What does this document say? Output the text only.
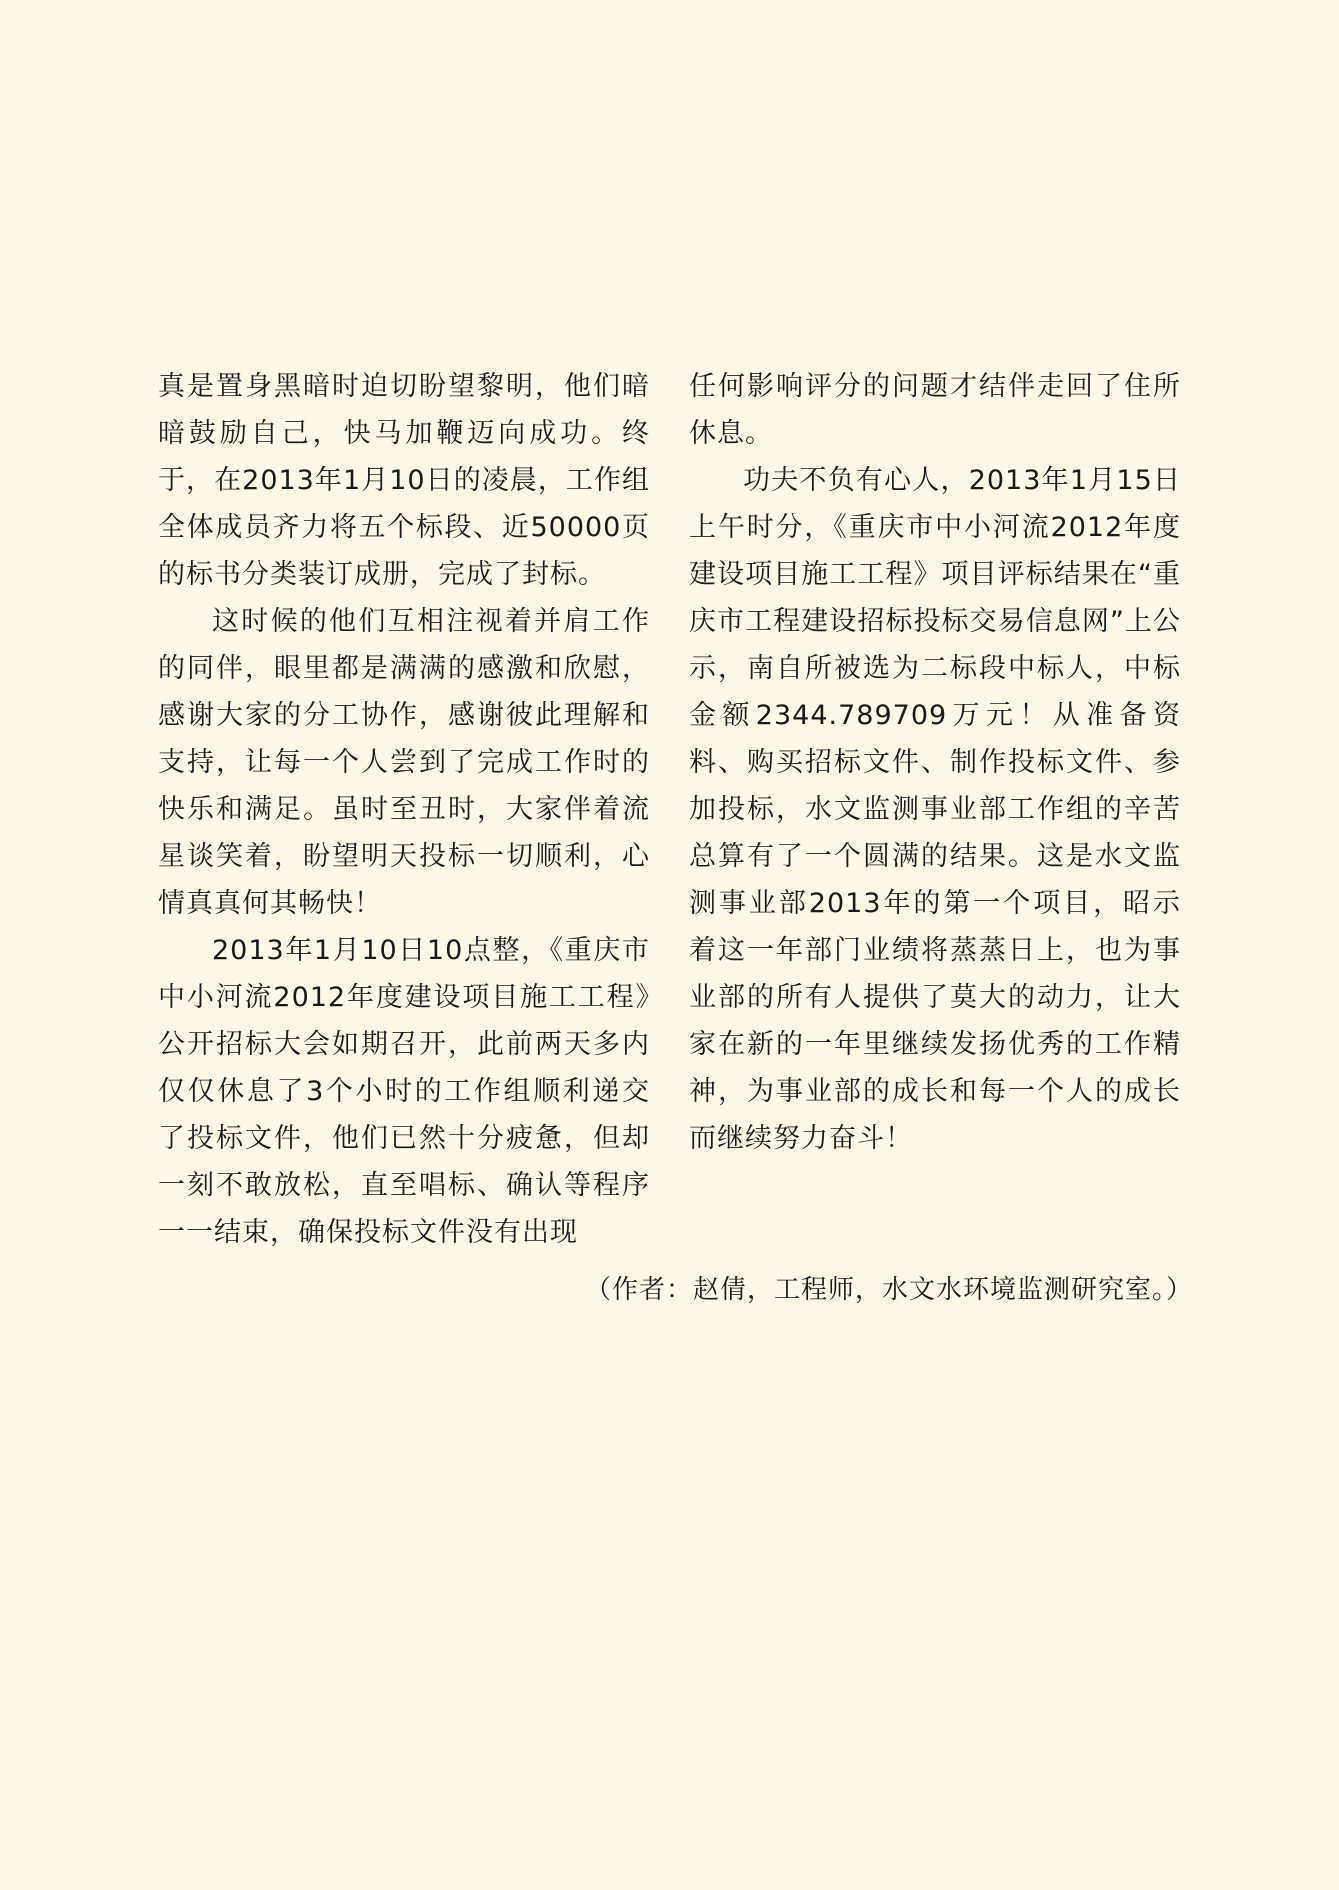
真是置身黑暗时迫切盼望黎明，他们暗暗鼓励自己，快马加鞭迈向成功。终于，在2013年1月10日的凌晨，工作组全体成员齐力将五个标段、近50000页的标书分类装订成册，完成了封标。

这时候的他们互相注视着并肩工作的同伴，眼里都是满满的感激和欣慰，感谢大家的分工协作，感谢彼此理解和支持，让每一个人尝到了完成工作时的快乐和满足。虽时至丑时，大家伴着流星谈笑着，盼望明天投标一切顺利，心情真真何其畅快！

2013年1月10日10点整，《重庆市中小河流2012年度建设项目施工工程》公开招标大会如期召开，此前两天多内仅仅休息了3个小时的工作组顺利递交了投标文件，他们已然十分疲惫，但却一刻不敢放松，直至唱标、确认等程序一一结束，确保投标文件没有出现

任何影响评分的问题才结伴走回了住所休息。

功夫不负有心人，2013年1月15日上午时分，《重庆市中小河流2012年度建设项目施工工程》项目评标结果在“重庆市工程建设招标投标交易信息网”上公示，南自所被选为二标段中标人，中标金额2344.789709万元！从准备资料、购买招标文件、制作投标文件、参加投标，水文监测事业部工作组的辛苦总算有了一个圆满的结果。这是水文监测事业部2013年的第一个项目，昭示着这一年部门业绩将蒸蒸日上，也为事业部的所有人提供了莫大的动力，让大家在新的一年里继续发扬优秀的工作精神，为事业部的成长和每一个人的成长而继续努力奋斗！

（作者：赵倩，工程师，水文水环境监测研究室。）
